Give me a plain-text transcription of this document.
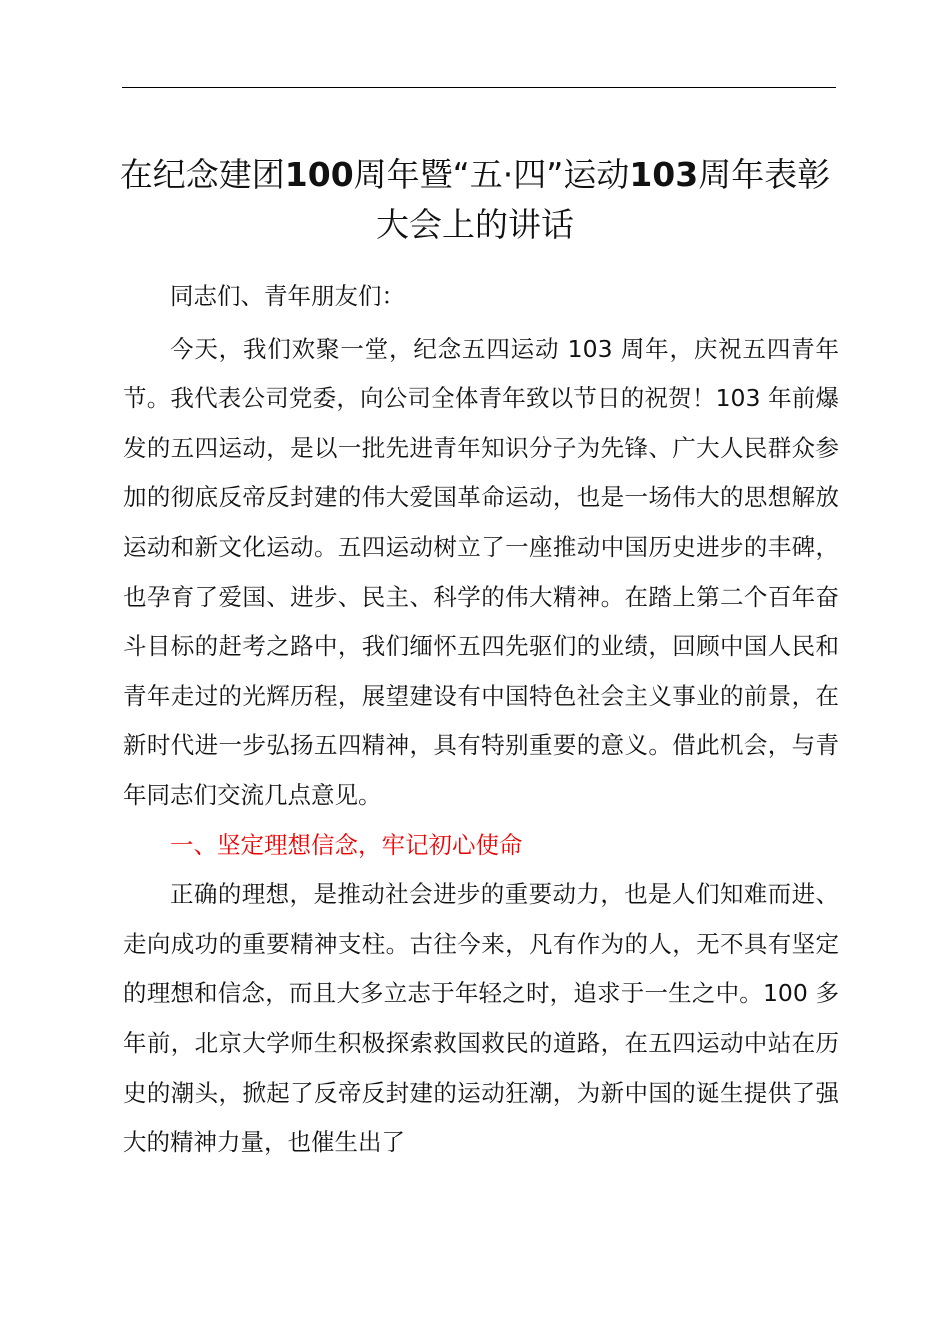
在纪念建团100周年暨“五·四”运动103周年表彰大会上的讲话

同志们、青年朋友们：

今天，我们欢聚一堂，纪念五四运动 103 周年，庆祝五四青年节。我代表公司党委，向公司全体青年致以节日的祝贺！103 年前爆发的五四运动，是以一批先进青年知识分子为先锋、广大人民群众参加的彻底反帝反封建的伟大爱国革命运动，也是一场伟大的思想解放运动和新文化运动。五四运动树立了一座推动中国历史进步的丰碑，也孕育了爱国、进步、民主、科学的伟大精神。在踏上第二个百年奋斗目标的赶考之路中，我们缅怀五四先驱们的业绩，回顾中国人民和青年走过的光辉历程，展望建设有中国特色社会主义事业的前景，在新时代进一步弘扬五四精神，具有特别重要的意义。借此机会，与青年同志们交流几点意见。

一、坚定理想信念，牢记初心使命

正确的理想，是推动社会进步的重要动力，也是人们知难而进、走向成功的重要精神支柱。古往今来，凡有作为的人，无不具有坚定的理想和信念，而且大多立志于年轻之时，追求于一生之中。100 多年前，北京大学师生积极探索救国救民的道路，在五四运动中站在历史的潮头，掀起了反帝反封建的运动狂潮，为新中国的诞生提供了强大的精神力量，也催生出了
